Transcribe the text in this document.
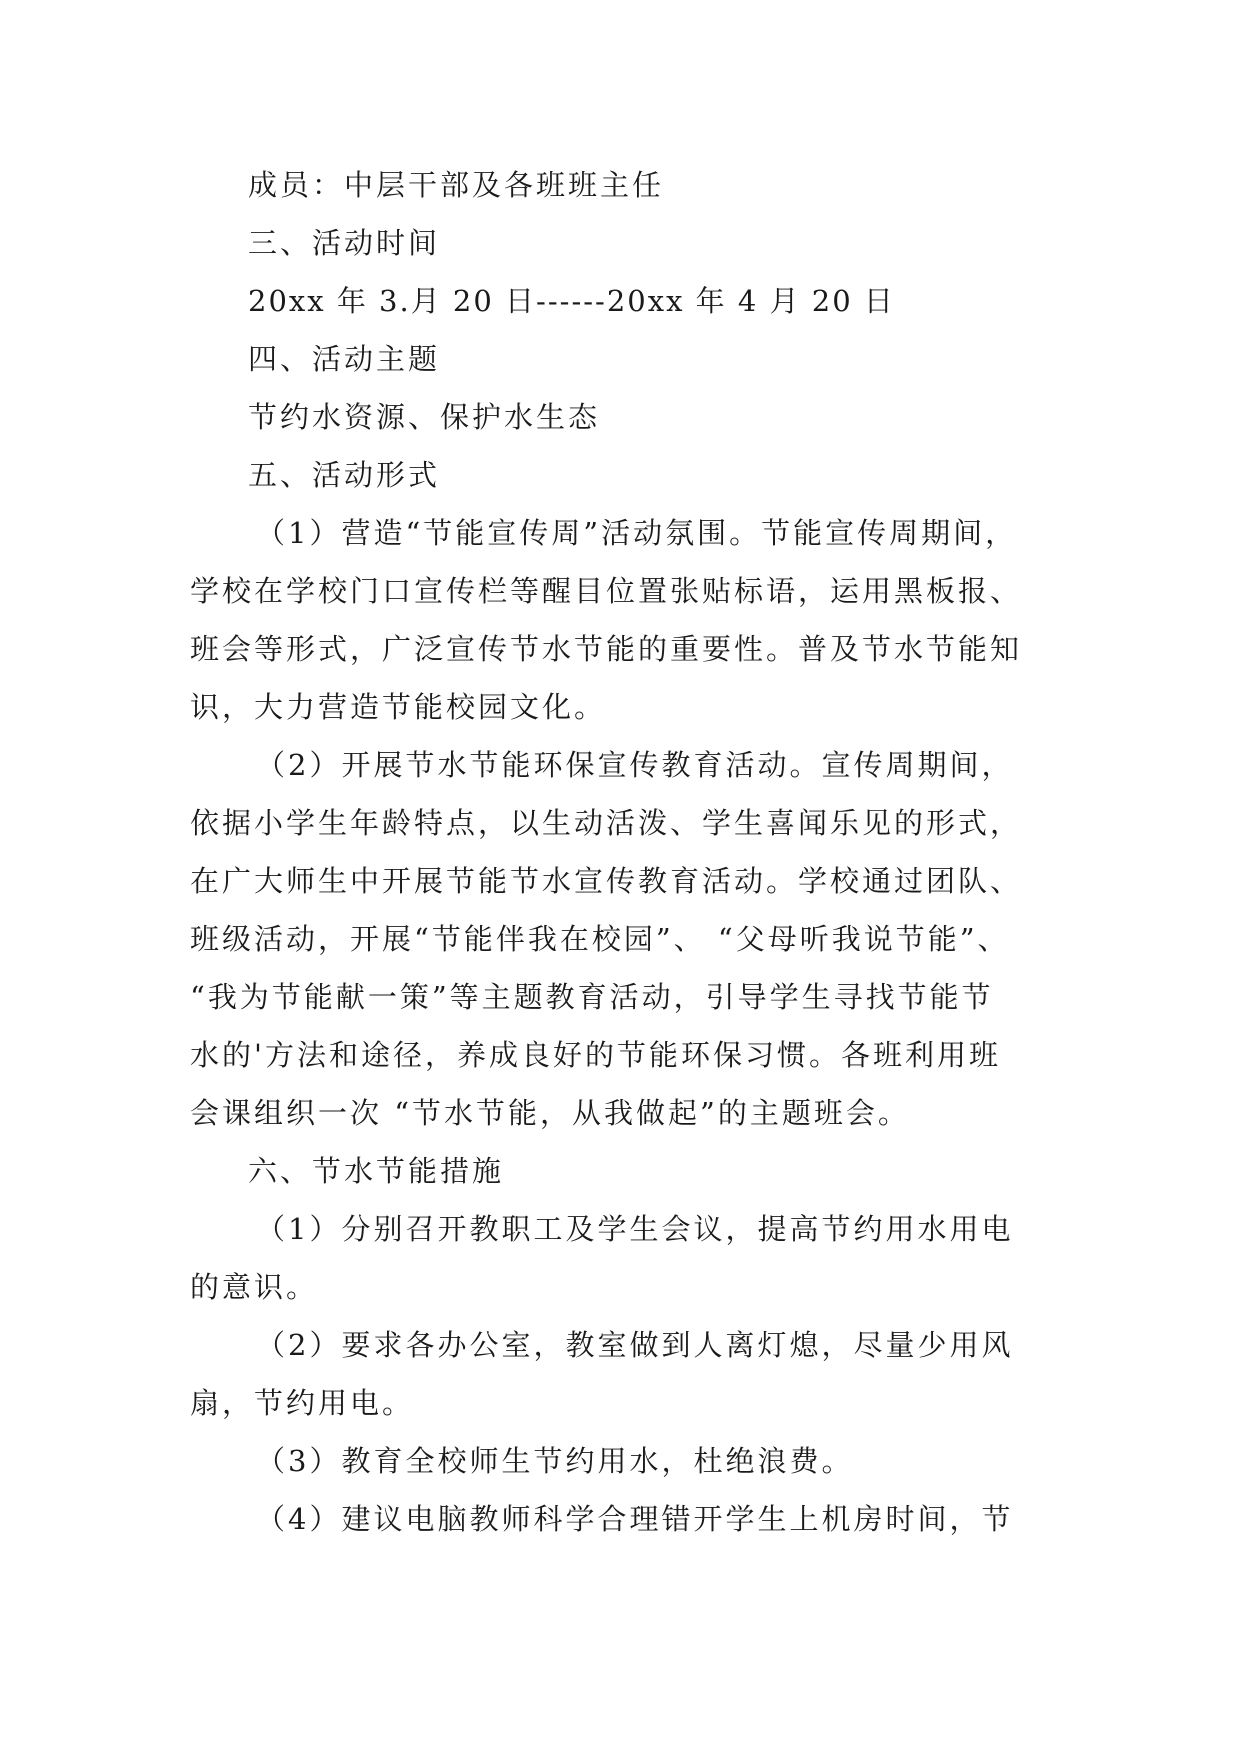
成员：中层干部及各班班主任
三、活动时间
20xx 年 3.月 20 日------20xx 年 4 月 20 日
四、活动主题
节约水资源、保护水生态
五、活动形式
（1）营造“节能宣传周”活动氛围。节能宣传周期间，
学校在学校门口宣传栏等醒目位置张贴标语，运用黑板报、
班会等形式，广泛宣传节水节能的重要性。普及节水节能知
识，大力营造节能校园文化。
（2）开展节水节能环保宣传教育活动。宣传周期间，
依据小学生年龄特点，以生动活泼、学生喜闻乐见的形式，
在广大师生中开展节能节水宣传教育活动。学校通过团队、
班级活动，开展“节能伴我在校园”、 “父母听我说节能”、
“我为节能献一策”等主题教育活动，引导学生寻找节能节
水的'方法和途径，养成良好的节能环保习惯。各班利用班
会课组织一次 “节水节能，从我做起”的主题班会。
六、节水节能措施
（1）分别召开教职工及学生会议，提高节约用水用电
的意识。
（2）要求各办公室，教室做到人离灯熄，尽量少用风
扇，节约用电。
（3）教育全校师生节约用水，杜绝浪费。
（4）建议电脑教师科学合理错开学生上机房时间，节
